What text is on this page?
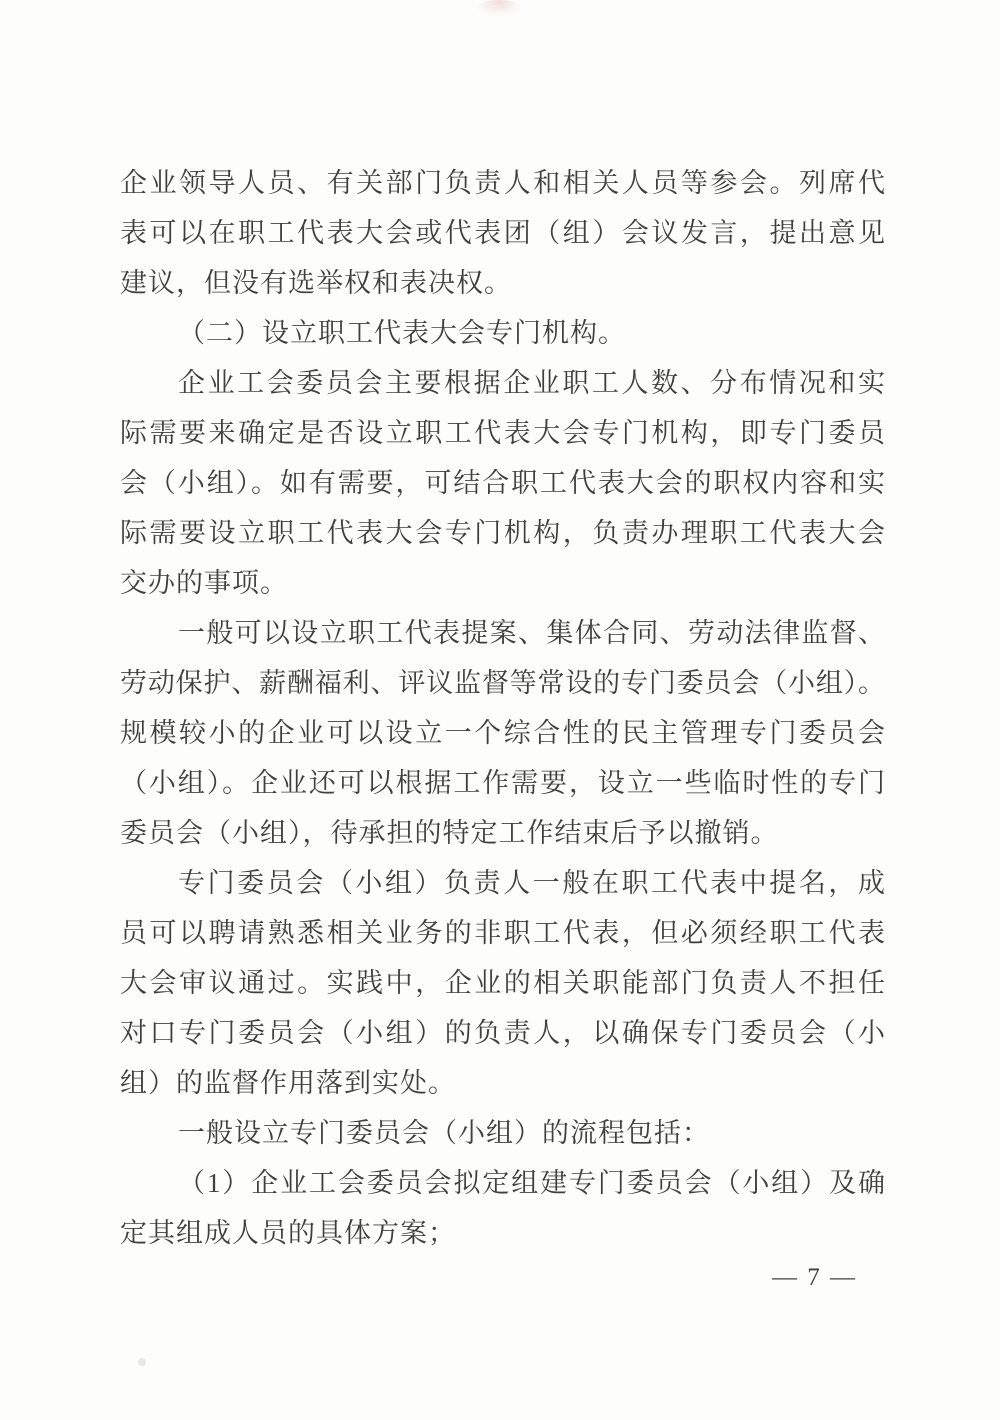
企业领导人员、有关部门负责人和相关人员等参会。列席代
表可以在职工代表大会或代表团（组）会议发言，提出意见
建议，但没有选举权和表决权。
（二）设立职工代表大会专门机构。
企业工会委员会主要根据企业职工人数、分布情况和实
际需要来确定是否设立职工代表大会专门机构，即专门委员
会（小组）。如有需要，可结合职工代表大会的职权内容和实
际需要设立职工代表大会专门机构，负责办理职工代表大会
交办的事项。
一般可以设立职工代表提案、集体合同、劳动法律监督、
劳动保护、薪酬福利、评议监督等常设的专门委员会（小组）。
规模较小的企业可以设立一个综合性的民主管理专门委员会
（小组）。企业还可以根据工作需要，设立一些临时性的专门
委员会（小组），待承担的特定工作结束后予以撤销。
专门委员会（小组）负责人一般在职工代表中提名，成
员可以聘请熟悉相关业务的非职工代表，但必须经职工代表
大会审议通过。实践中，企业的相关职能部门负责人不担任
对口专门委员会（小组）的负责人，以确保专门委员会（小
组）的监督作用落到实处。
一般设立专门委员会（小组）的流程包括：
（1）企业工会委员会拟定组建专门委员会（小组）及确
定其组成人员的具体方案；
— 7 —
